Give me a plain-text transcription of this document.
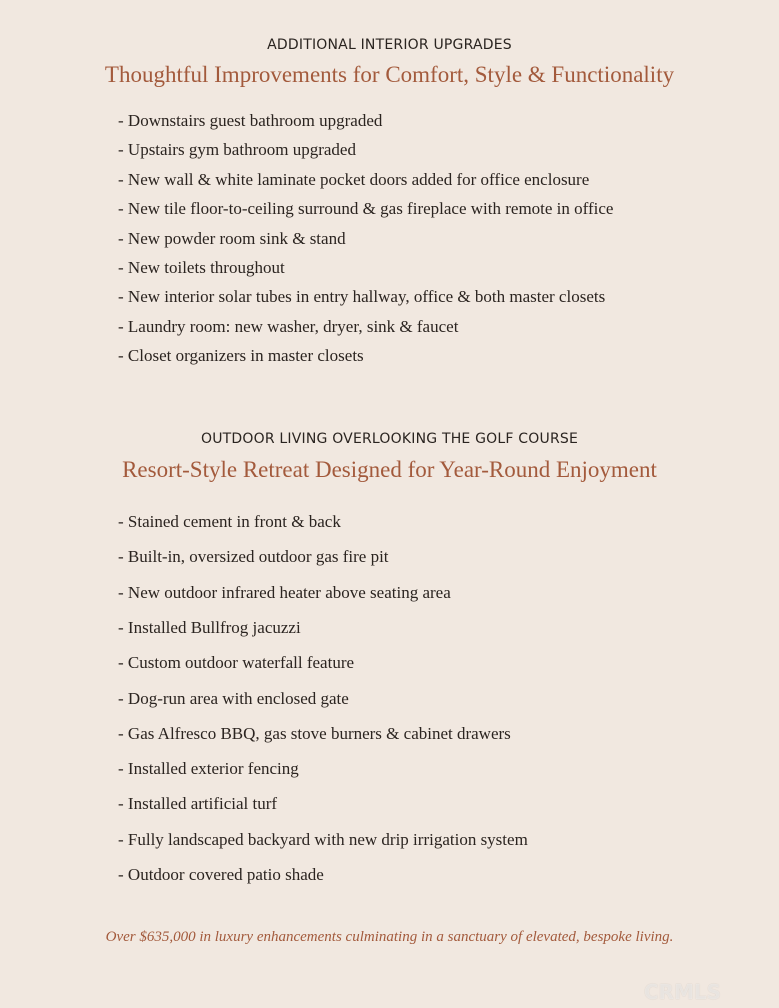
ADDITIONAL INTERIOR UPGRADES
Thoughtful Improvements for Comfort, Style & Functionality
- Downstairs guest bathroom upgraded
- Upstairs gym bathroom upgraded
- New wall & white laminate pocket doors added for office enclosure
- New tile floor-to-ceiling surround & gas fireplace with remote in office
- New powder room sink & stand
- New toilets throughout
- New interior solar tubes in entry hallway, office & both master closets
- Laundry room: new washer, dryer, sink & faucet
- Closet organizers in master closets
OUTDOOR LIVING OVERLOOKING THE GOLF COURSE
Resort-Style Retreat Designed for Year-Round Enjoyment
- Stained cement in front & back
- Built-in, oversized outdoor gas fire pit
- New outdoor infrared heater above seating area
- Installed Bullfrog jacuzzi
- Custom outdoor waterfall feature
- Dog-run area with enclosed gate
- Gas Alfresco BBQ, gas stove burners & cabinet drawers
- Installed exterior fencing
- Installed artificial turf
- Fully landscaped backyard with new drip irrigation system
- Outdoor covered patio shade
Over $635,000 in luxury enhancements culminating in a sanctuary of elevated, bespoke living.
CRMLS
